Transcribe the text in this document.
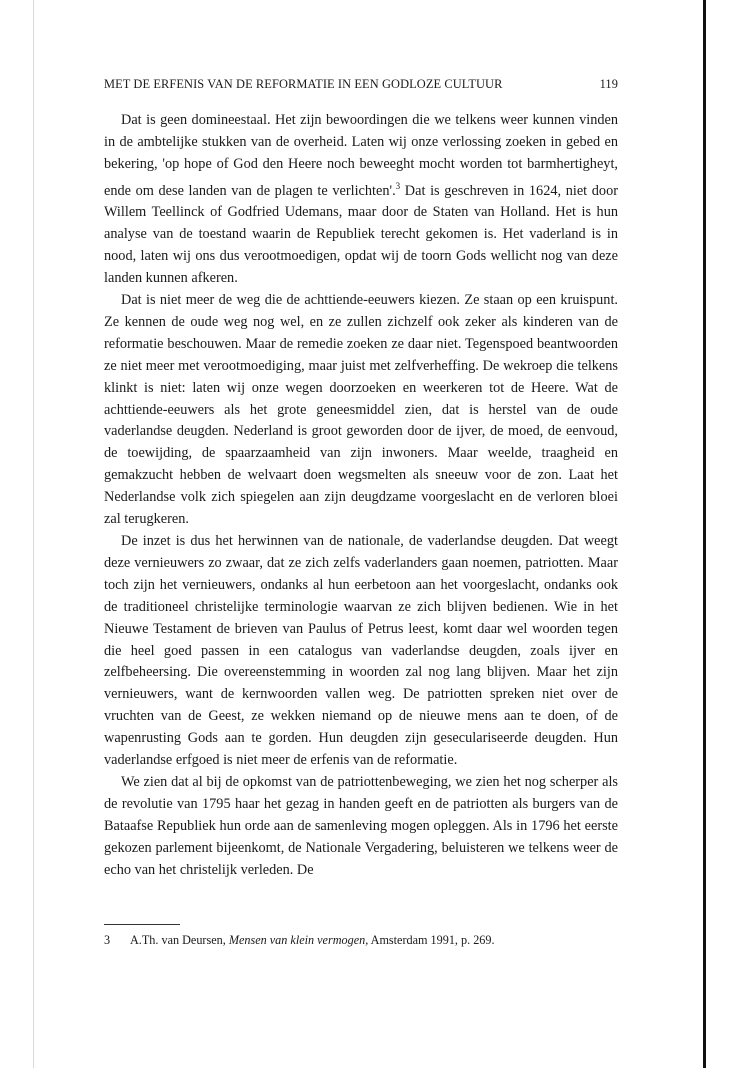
MET DE ERFENIS VAN DE REFORMATIE IN EEN GODLOZE CULTUUR	119

Dat is geen domineestaal. Het zijn bewoordingen die we telkens weer kunnen vinden in de ambtelijke stukken van de overheid. Laten wij onze verlossing zoeken in gebed en bekering, 'op hope of God den Heere noch beweeght mocht worden tot barmhertigheyt, ende om dese landen van de plagen te verlichten'.$^3$ Dat is geschreven in 1624, niet door Willem Teellinck of Godfried Udemans, maar door de Staten van Holland. Het is hun analyse van de toestand waarin de Republiek terecht gekomen is. Het vaderland is in nood, laten wij ons dus verootmoedigen, opdat wij de toorn Gods wellicht nog van deze landen kunnen afkeren.

Dat is niet meer de weg die de achttiende-eeuwers kiezen. Ze staan op een kruispunt. Ze kennen de oude weg nog wel, en ze zullen zichzelf ook zeker als kinderen van de reformatie beschouwen. Maar de remedie zoeken ze daar niet. Tegenspoed beantwoorden ze niet meer met verootmoediging, maar juist met zelfverheffing. De wekroep die telkens klinkt is niet: laten wij onze wegen doorzoeken en weerkeren tot de Heere. Wat de achttiende-eeuwers als het grote geneesmiddel zien, dat is herstel van de oude vaderlandse deugden. Nederland is groot geworden door de ijver, de moed, de eenvoud, de toewijding, de spaarzaamheid van zijn inwoners. Maar weelde, traagheid en gemakzucht hebben de welvaart doen wegsmelten als sneeuw voor de zon. Laat het Nederlandse volk zich spiegelen aan zijn deugdzame voorgeslacht en de verloren bloei zal terugkeren.

De inzet is dus het herwinnen van de nationale, de vaderlandse deugden. Dat weegt deze vernieuwers zo zwaar, dat ze zich zelfs vaderlanders gaan noemen, patriotten. Maar toch zijn het vernieuwers, ondanks al hun eerbetoon aan het voorgeslacht, ondanks ook de traditioneel christelijke terminologie waarvan ze zich blijven bedienen. Wie in het Nieuwe Testament de brieven van Paulus of Petrus leest, komt daar wel woorden tegen die heel goed passen in een catalogus van vaderlandse deugden, zoals ijver en zelfbeheersing. Die overeenstemming in woorden zal nog lang blijven. Maar het zijn vernieuwers, want de kernwoorden vallen weg. De patriotten spreken niet over de vruchten van de Geest, ze wekken niemand op de nieuwe mens aan te doen, of de wapenrusting Gods aan te gorden. Hun deugden zijn geseculariseerde deugden. Hun vaderlandse erfgoed is niet meer de erfenis van de reformatie.

We zien dat al bij de opkomst van de patriottenbeweging, we zien het nog scherper als de revolutie van 1795 haar het gezag in handen geeft en de patriotten als burgers van de Bataafse Republiek hun orde aan de samenleving mogen opleggen. Als in 1796 het eerste gekozen parlement bijeenkomt, de Nationale Vergadering, beluisteren we telkens weer de echo van het christelijk verleden. De

3 A.Th. van Deursen, Mensen van klein vermogen, Amsterdam 1991, p. 269.
